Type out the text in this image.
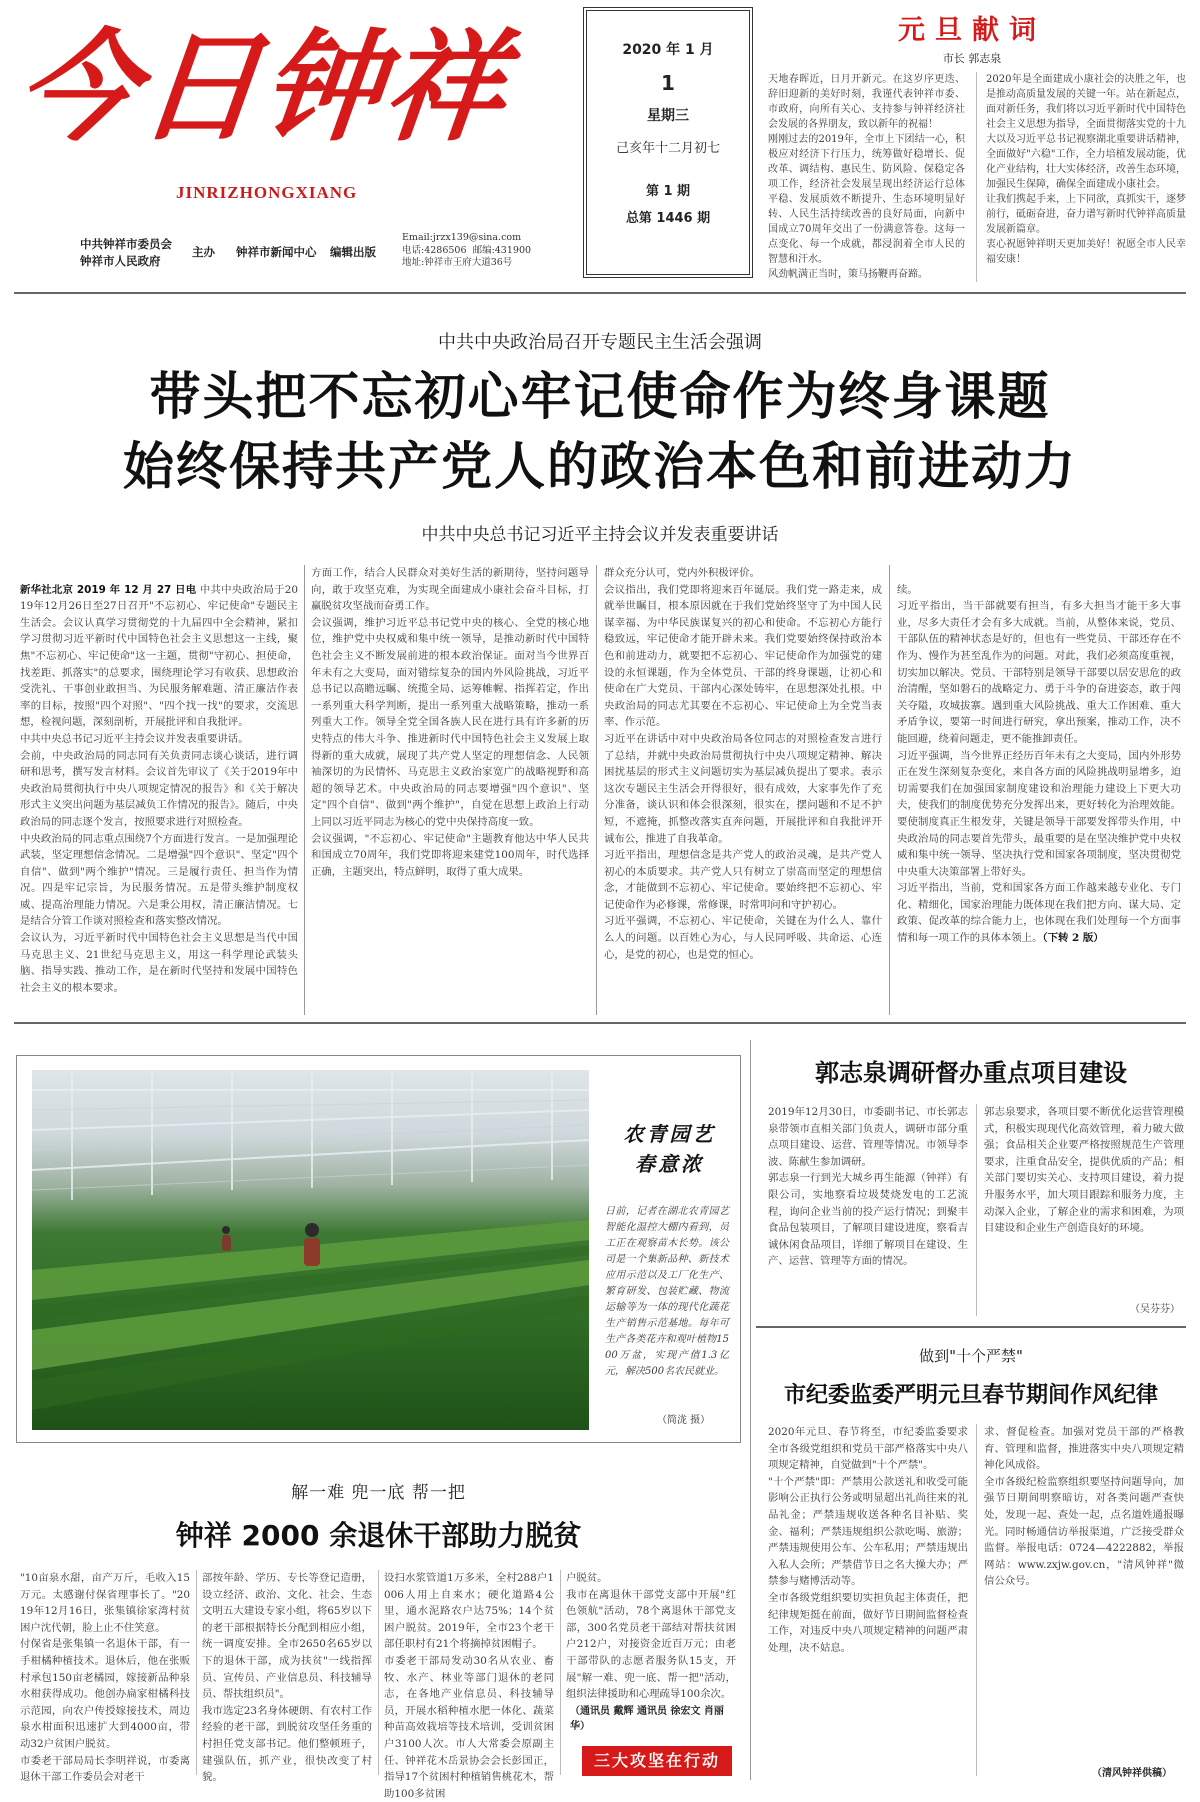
今日钟祥
JINRIZHONGXIANG
中共钟祥市委员会
钟祥市人民政府
主办 钟祥市新闻中心 编辑出版
Email:jrzx139@sina.com
电话:4286506 邮编:431900
地址:钟祥市王府大道36号
2020 年 1 月
1
星期三
己亥年十二月初七
第 1 期
总第 1446 期
元旦献词
市长 郭志泉
天地春晖近，日月开新元。在这岁序更迭、辞旧迎新的美好时刻，我谨代表钟祥市委、市政府，向所有关心、支持参与钟祥经济社会发展的各界朋友，致以新年的祝福！
刚刚过去的2019年，全市上下团结一心，积极应对经济下行压力，统筹做好稳增长、促改革、调结构、惠民生、防风险、保稳定各项工作，经济社会发展呈现出经济运行总体平稳、发展质效不断提升、生态环境明显好转、人民生活持续改善的良好局面，向新中国成立70周年交出了一份满意答卷。这每一点变化、每一个成就，都浸润着全市人民的智慧和汗水。
风劲帆满正当时，策马扬鞭再奋蹄。
2020年是全面建成小康社会的决胜之年，也是推动高质量发展的关键一年。站在新起点，面对新任务，我们将以习近平新时代中国特色社会主义思想为指导，全面贯彻落实党的十九大以及习近平总书记视察湖北重要讲话精神，全面做好"六稳"工作，全力培植发展动能，优化产业结构，壮大实体经济，改善生态环境，加强民生保障，确保全面建成小康社会。
让我们携起手来，上下同欲，真抓实干，逐梦前行，砥砺奋进，奋力谱写新时代钟祥高质量发展新篇章。
衷心祝愿钟祥明天更加美好！祝愿全市人民幸福安康！
中共中央政治局召开专题民主生活会强调
带头把不忘初心牢记使命作为终身课题
始终保持共产党人的政治本色和前进动力
中共中央总书记习近平主持会议并发表重要讲话

新华社北京 2019 年 12 月 27 日电 中共中央政治局于2019年12月26日至27日召开"不忘初心、牢记使命"专题民主生活会。会议认真学习贯彻党的十九届四中全会精神，紧扣学习贯彻习近平新时代中国特色社会主义思想这一主线，聚焦"不忘初心、牢记使命"这一主题，贯彻"守初心、担使命，找差距、抓落实"的总要求，围绕理论学习有收获、思想政治受洗礼、干事创业敢担当、为民服务解难题、清正廉洁作表率的目标，按照"四个对照"、"四个找一找"的要求，交流思想，检视问题，深刻剖析，开展批评和自我批评。
中共中央总书记习近平主持会议并发表重要讲话。
会前，中央政治局的同志同有关负责同志谈心谈话，进行调研和思考，撰写发言材料。会议首先审议了《关于2019年中央政治局贯彻执行中央八项规定情况的报告》和《关于解决形式主义突出问题为基层减负工作情况的报告》。随后，中央政治局的同志逐个发言，按照要求进行对照检查。
中央政治局的同志重点围绕7个方面进行发言。一是加强理论武装，坚定理想信念情况。二是增强"四个意识"、坚定"四个自信"、做到"两个维护"情况。三是履行责任、担当作为情况。四是牢记宗旨，为民服务情况。五是带头维护制度权威、提高治理能力情况。六是秉公用权，清正廉洁情况。七是结合分管工作谈对照检查和落实整改情况。
会议认为，习近平新时代中国特色社会主义思想是当代中国马克思主义、21世纪马克思主义，用这一科学理论武装头脑、指导实践、推动工作，是在新时代坚持和发展中国特色社会主义的根本要求。

方面工作，结合人民群众对美好生活的新期待，坚持问题导向，敢于攻坚克难，为实现全面建成小康社会奋斗目标，打赢脱贫攻坚战而奋勇工作。
会议强调，维护习近平总书记党中央的核心、全党的核心地位，维护党中央权威和集中统一领导，是推动新时代中国特色社会主义不断发展前进的根本政治保证。面对当今世界百年未有之大变局，面对错综复杂的国内外风险挑战，习近平总书记以高瞻远瞩、统揽全局、运筹帷幄、指挥若定，作出一系列重大科学判断，提出一系列重大战略策略，推动一系列重大工作。领导全党全国各族人民在进行具有许多新的历史特点的伟大斗争、推进新时代中国特色社会主义发展上取得新的重大成就，展现了共产党人坚定的理想信念、人民领袖深切的为民情怀、马克思主义政治家宽广的战略视野和高超的领导艺术。中央政治局的同志要增强"四个意识"、坚定"四个自信"、做到"两个维护"，自觉在思想上政治上行动上同以习近平同志为核心的党中央保持高度一致。
会议强调，"不忘初心、牢记使命"主题教育他达中华人民共和国成立70周年，我们党即将迎来建党100周年，时代选择正确，主题突出，特点鲜明，取得了重大成果。
群众充分认可，党内外积极评价。
会议指出，我们党即将迎来百年诞辰。我们党一路走来，成就举世瞩目，根本原因就在于我们党始终坚守了为中国人民谋幸福、为中华民族谋复兴的初心和使命。不忘初心方能行稳致远，牢记使命才能开辟未来。我们党要始终保持政治本色和前进动力，就要把不忘初心、牢记使命作为加强党的建设的永恒课题，作为全体党员、干部的终身课题，让初心和使命在广大党员、干部内心深处铸牢，在思想深处扎根。中央政治局的同志尤其要在不忘初心、牢记使命上为全党当表率、作示范。
习近平在讲话中对中央政治局各位同志的对照检查发言进行了总结，并就中央政治局贯彻执行中央八项规定精神、解决困扰基层的形式主义问题切实为基层减负提出了要求。表示这次专题民主生活会开得很好，很有成效，大家事先作了充分准备，谈认识和体会很深刻，很实在，摆问题和不足不护短，不遮掩，抓整改落实直奔问题，开展批评和自我批评开诚布公，推进了自我革命。
习近平指出，理想信念是共产党人的政治灵魂，是共产党人初心的本质要求。共产党人只有树立了崇高而坚定的理想信念，才能做到不忘初心、牢记使命。要始终把不忘初心、牢记使命作为必修课，常修课，时常叩问和守护初心。
习近平强调，不忘初心、牢记使命，关键在为什么人、靠什么人的问题。以百姓心为心，与人民同呼吸、共命运、心连心，是党的初心，也是党的恒心。

续。
习近平指出，当干部就要有担当，有多大担当才能干多大事业，尽多大责任才会有多大成就。当前，从整体来说，党员、干部队伍的精神状态是好的，但也有一些党员、干部还存在不作为、慢作为甚至乱作为的问题。对此，我们必须高度重视，切实加以解决。党员、干部特别是领导干部要以居安思危的政治清醒，坚如磐石的战略定力、勇于斗争的奋进姿态，敢于闯关夺隘，攻城拔寨。遇到重大风险挑战、重大工作困难、重大矛盾争议，要第一时间进行研究，拿出预案，推动工作，决不能回避，绕着问题走，更不能推卸责任。
习近平强调，当今世界正经历百年未有之大变局，国内外形势正在发生深刻复杂变化，来自各方面的风险挑战明显增多，迫切需要我们在加强国家制度建设和治理能力建设上下更大功夫，使我们的制度优势充分发挥出来，更好转化为治理效能。要使制度真正生根发芽，关键是领导干部要发挥带头作用，中央政治局的同志要首先带头，最重要的是在坚决维护党中央权威和集中统一领导、坚决执行党和国家各项制度，坚决贯彻党中央重大决策部署上带好头。
习近平指出，当前，党和国家各方面工作越来越专业化、专门化、精细化，国家治理能力既体现在我们把方向、谋大局、定政策、促改革的综合能力上，也体现在我们处理每一个方面事情和每一项工作的具体本领上。（下转 2 版）

农青园艺
春意浓
日前，记者在湖北农青园艺智能化温控大棚内看到，员工正在观察苗木长势。该公司是一个集新品种、新技术应用示范以及工厂化生产、繁育研发、包装贮藏、物流运输等为一体的现代化蔬花生产销售示范基地。每年可生产各类花卉和观叶植物1500万盆，实现产值1.3亿元，解决500名农民就业。
（简泷 摄）
郭志泉调研督办重点项目建设
2019年12月30日，市委副书记、市长郭志泉带领市直相关部门负责人，调研市部分重点项目建设、运营、管理等情况。市领导李波、陈献生参加调研。
郭志泉一行到光大城乡再生能源（钟祥）有限公司，实地察看垃圾焚烧发电的工艺流程，询问企业当前的投产运行情况；到聚丰食品包装项目，了解项目建设进度，察看吉诚休闲食品项目，详细了解项目在建设、生产、运营、管理等方面的情况。
郭志泉要求，各项目要不断优化运营管理模式，积极实现现代化高效管理，着力破大做强；食品相关企业要严格按照规范生产管理要求，注重食品安全，提供优质的产品；相关部门要切实关心、支持项目建设，着力提升服务水平，加大项目跟踪和服务力度，主动深入企业，了解企业的需求和困难，为项目建设和企业生产创造良好的环境。
（吴芬芬）
做到"十个严禁"
市纪委监委严明元旦春节期间作风纪律
2020年元旦、春节将至，市纪委监委要求全市各级党组织和党员干部严格落实中央八项规定精神，自觉做到"十个严禁"。
"十个严禁"即：严禁用公款送礼和收受可能影响公正执行公务或明显超出礼尚往来的礼品礼金；严禁违规收送各种名目补贴、奖金、福利；严禁违规组织公款吃喝、旅游；严禁违规使用公车、公车私用；严禁违规出入私人会所；严禁借节日之名大操大办；严禁参与赌博活动等。
全市各级党组织要切实担负起主体责任，把纪律规矩挺在前面，做好节日期间监督检查工作，对违反中央八项规定精神的问题严肃处理，决不姑息。
求、督促检查。加强对党员干部的严格教育、管理和监督，推进落实中央八项规定精神化风成俗。
全市各级纪检监察组织要坚持问题导向，加强节日期间明察暗访，对各类问题严查快处，发现一起、查处一起，点名道姓通报曝光。同时畅通信访举报渠道，广泛接受群众监督。举报电话：0724—4222882，举报网站：www.zxjw.gov.cn，"清风钟祥"微信公众号。
（清风钟祥供稿）
解一难 兜一底 帮一把
钟祥 2000 余退休干部助力脱贫
"10亩泉水甜，亩产万斤，毛收入15万元。太感谢付保省理事长了。"2019年12月16日，张集镇徐家湾村贫困户沈代朝，脸上止不住笑意。
付保省是张集镇一名退休干部，有一手柑橘种植技术。退休后，他在张贩村承包150亩老橘园，嫁接新品种泉水柑获得成功。他创办扁家柑橘科技示范园，向农户传授嫁接技术，周边泉水柑面积迅速扩大到4000亩，带动32户贫困户脱贫。
市委老干部局局长李明祥说，市委离退休干部工作委员会对老干
部按年龄、学历、专长等登记造册，设立经济、政治、文化、社会、生态文明五大建设专家小组，将65岁以下的老干部根据特长分配到相应小组，统一调度安排。全市2650名65岁以下的退休干部，成为扶贫"一线指挥员、宣传员、产业信息员、科技辅导员、帮扶组织员"。
我市选定23名身体硬朗、有农村工作经验的老干部，到脱贫攻坚任务重的村担任党支部书记。他们整顿班子，建强队伍，抓产业，很快改变了村貌。
设扫水浆管道1万多米，全村288户1006人用上自来水；硬化道路4公里，通水泥路农户达75%；14个贫困户脱贫。2019年，全市23个老干部任职村有21个将摘掉贫困帽子。
市委老干部局发动30名从农业、畜牧、水产、林业等部门退休的老同志，在各地产业信息员、科技辅导员，开展水稻种植水肥一体化、蔬菜种苗高效栽培等技术培训，受训贫困户3100人次。市人大常委会原副主任、钟祥花木岳景协会会长彭国正，指导17个贫困村种植销售桃花木，帮助100多贫困
户脱贫。
我市在离退休干部党支部中开展"红色领航"活动，78个离退休干部党支部，300名党员老干部结对帮扶贫困户212户，对接资金近百万元；由老干部带队的志愿者服务队15支，开展"解一难、兜一底、帮一把"活动，组织法律援助和心理疏导100余次。
（通讯员 戴辉 通讯员 徐宏文 肖丽华）
三大攻坚在行动
